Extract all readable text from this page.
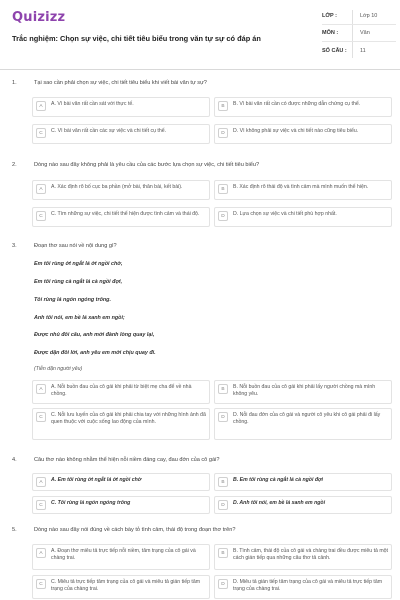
Quizizz
Trắc nghiệm: Chọn sự việc, chi tiết tiêu biểu trong văn tự sự có đáp án
LỚP :	Lớp 10
MÔN :	Văn
SỐ CÂU :	11
1.	Tại sao cần phải chọn sự việc, chi tiết tiêu biểu khi viết bài văn tự sự?
A	A. Vì bài văn rất cần sát với thực tế.	B	B. Vì bài văn rất cần có được những dẫn chứng cụ thể.
C	C. Vì bài văn rất cần các sự việc và chi tiết cụ thể.	D	D. Vì không phải sự việc và chi tiết nào cũng tiêu biểu.
2.	Dòng nào sau đây không phải là yêu cầu của các bước lựa chọn sự việc, chi tiết tiêu biểu?
A	A. Xác định rõ bố cục ba phần (mở bài, thân bài, kết bài).	B	B. Xác định rõ thái độ và tình cảm mà mình muốn thể hiện.
C	C. Tìm những sự việc, chi tiết thể hiện được tình cảm và thái độ.	D	D. Lựa chọn sự việc và chi tiết phù hợp nhất.
3.	Đoạn thơ sau nói về nội dung gì?
Em tôi rùng ớt ngắt lá ớt ngồi chờ,
Em tôi rùng cà ngắt lá cà ngồi đợi,
Tôi rùng lá ngón ngóng trông.
Anh tôi nói, em bề lá xanh em ngồi;
Được nhủ đôi câu, anh mới đành lòng quay lại,
Được dặn đôi lời, anh yêu em mới chịu quay đi.
(Tiễn dặn người yêu)
A	A. Nỗi buồn đau của cô gái khi phải từ biệt mẹ cha để về nhà chồng.
B	B. Nỗi buồn đau của cô gái khi phải lấy người chồng mà mình không yêu.
C	C. Nỗi lưu luyến của cô gái khi phải chia tay với những hình ảnh đã quen thuộc với cuộc sống lao động của mình.
D	D. Nỗi đau đớn của cô gái và người cô yêu khi cô gái phải đi lấy chồng.
4.	Câu thơ nào không nhằm thể hiện nỗi niềm đáng cay, đau đớn của cô gái?
A	A. Em tôi rùng ớt ngắt lá ớt ngồi chờ	B	B. Em tôi rùng cà ngắt lá cà ngồi đợi
C	C. Tôi rùng lá ngón ngóng trông	D	D. Anh tôi nói, em bề lá xanh em ngồi
5.	Dòng nào sau đây nói đúng về cách bày tỏ tình cảm, thái độ trong đoạn thơ trên?
A	A. Đoạn thơ miêu tả trực tiếp nỗi niềm, tâm trạng của cô gái và chàng trai.
B	B. Tình cảm, thái độ của cô gái và chàng trai đều được miêu tả một cách gián tiếp qua những câu thơ tả cảnh.
C	C. Miêu tả trực tiếp tâm trạng của cô gái và miêu tả gián tiếp tâm trạng của chàng trai.
D	D. Miêu tả gián tiếp tâm trạng của cô gái và miêu tả trực tiếp tâm trạng của chàng trai.
